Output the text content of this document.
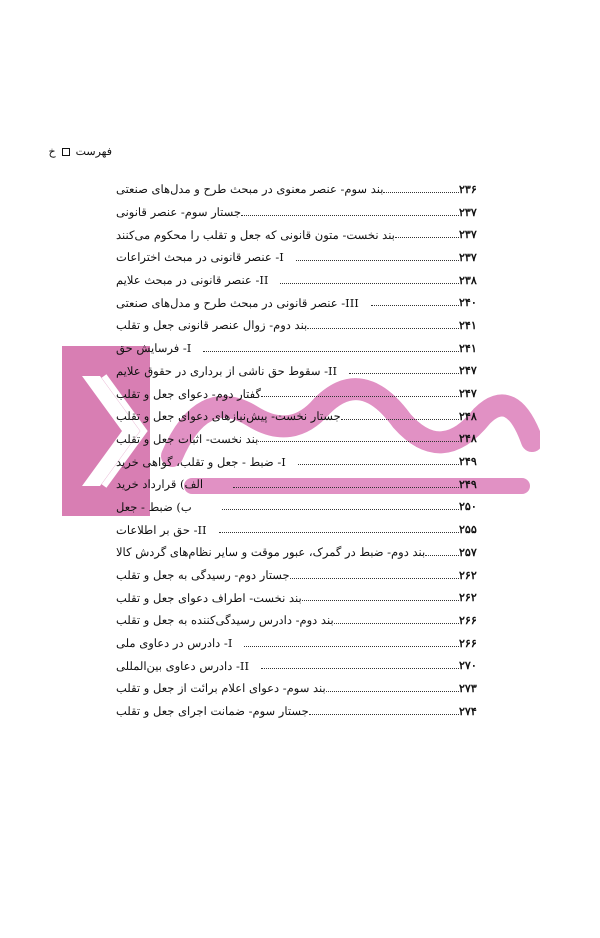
فهرست
خ
بند سوم- عنصر معنوی در مبحث طرح و مدل‌های صنعتی	۲۳۶
جستار سوم- عنصر قانونی	۲۳۷
بند نخست- متون قانونی که جعل و تقلب را محکوم می‌کنند	۲۳۷
I- عنصر قانونی در مبحث اختراعات	۲۳۷
II- عنصر قانونی در مبحث علایم	۲۳۸
III- عنصر قانونی در مبحث طرح و مدل‌های صنعتی	۲۴۰
بند دوم- زوال عنصر قانونی جعل و تقلب	۲۴۱
I- فرسایش حق	۲۴۱
II- سقوط حق ناشی از برداری در حقوق علایم	۲۴۷
گفتار دوم- دعوای جعل و تقلب	۲۴۷
جستار نخست- پیش‌نیازهای دعوای جعل و تقلب	۲۴۸
بند نخست- اثبات جعل و تقلب	۲۴۸
I- ضبط - جعل و تقلب، گواهی خرید	۲۴۹
الف) قرارداد خرید	۲۴۹
ب) ضبط - جعل	۲۵۰
II- حق بر اطلاعات	۲۵۵
بند دوم- ضبط در گمرک، عبور موقت و سایر نظام‌های گردش کالا	۲۵۷
جستار دوم- رسیدگی به جعل و تقلب	۲۶۲
بند نخست- اطراف دعوای جعل و تقلب	۲۶۲
بند دوم- دادرس رسیدگی‌کننده به جعل و تقلب	۲۶۶
I- دادرس در دعاوی ملی	۲۶۶
II- دادرس دعاوی بین‌المللی	۲۷۰
بند سوم- دعوای اعلام برائت از جعل و تقلب	۲۷۳
جستار سوم- ضمانت اجرای جعل و تقلب	۲۷۴
